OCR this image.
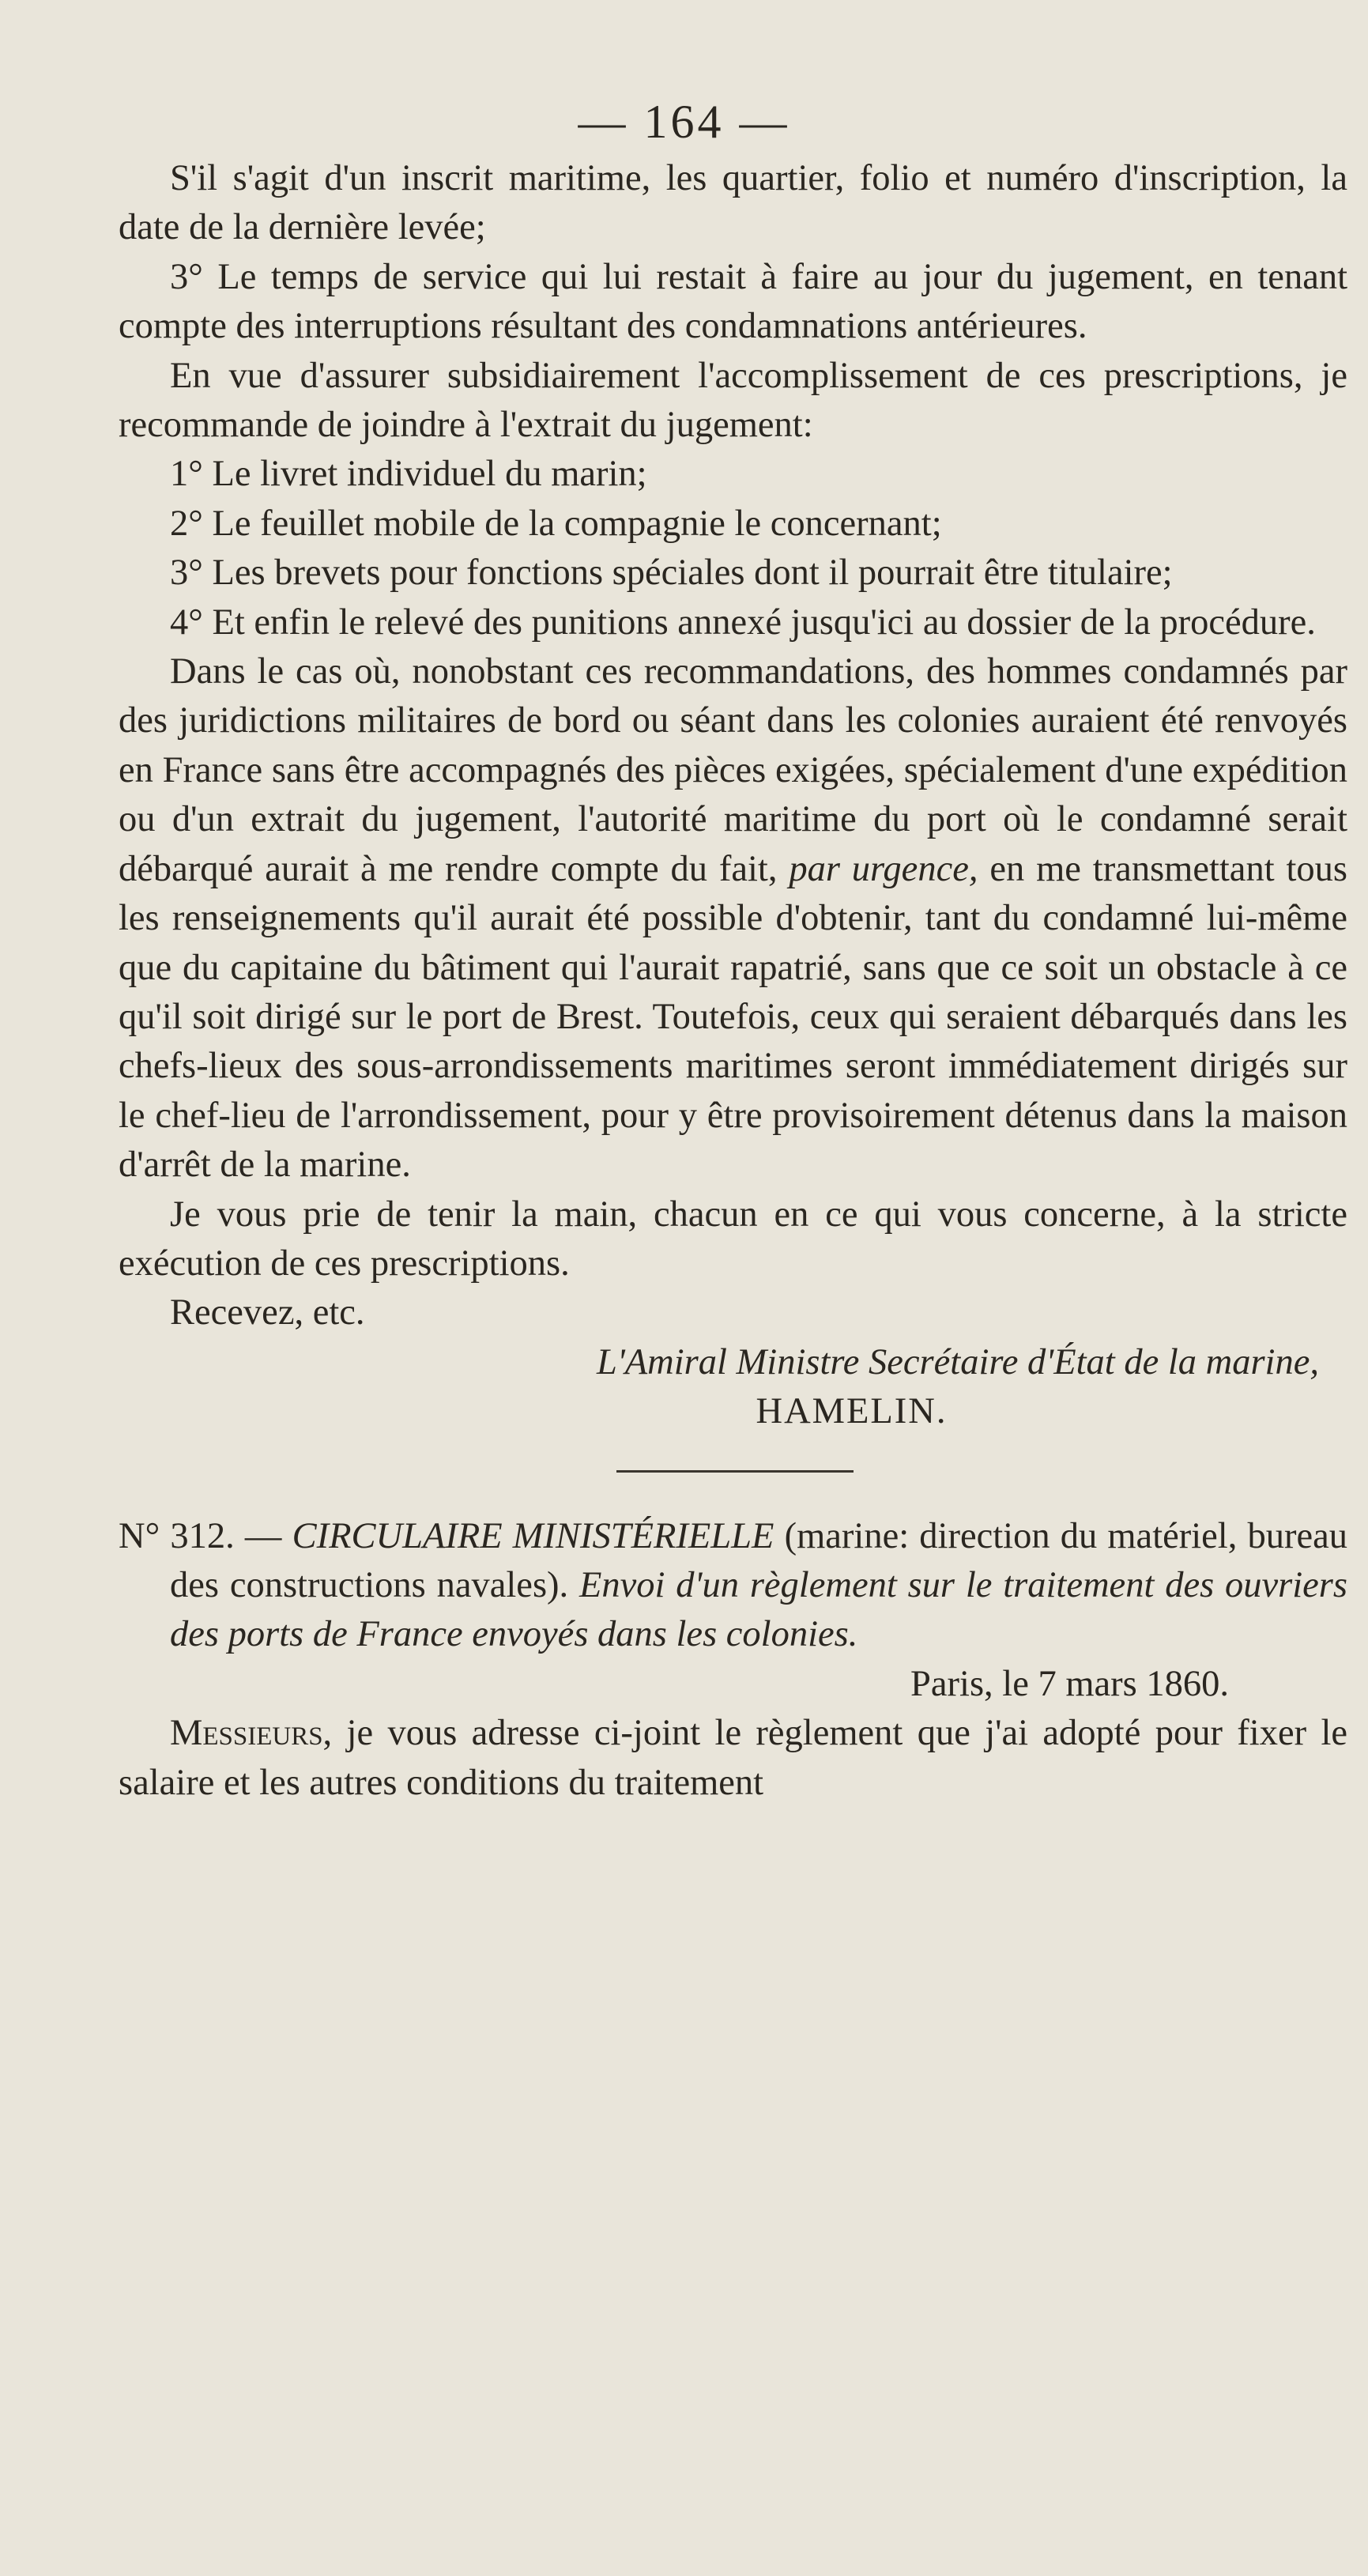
— 164 —

S'il s'agit d'un inscrit maritime, les quartier, folio et numéro d'inscription, la date de la dernière levée;

3° Le temps de service qui lui restait à faire au jour du jugement, en tenant compte des interruptions résultant des condamnations antérieures.

En vue d'assurer subsidiairement l'accomplissement de ces prescriptions, je recommande de joindre à l'extrait du jugement:

1° Le livret individuel du marin;

2° Le feuillet mobile de la compagnie le concernant;

3° Les brevets pour fonctions spéciales dont il pourrait être titulaire;

4° Et enfin le relevé des punitions annexé jusqu'ici au dossier de la procédure.

Dans le cas où, nonobstant ces recommandations, des hommes condamnés par des juridictions militaires de bord ou séant dans les colonies auraient été renvoyés en France sans être accompagnés des pièces exigées, spécialement d'une expédition ou d'un extrait du jugement, l'autorité maritime du port où le condamné serait débarqué aurait à me rendre compte du fait, par urgence, en me transmettant tous les renseignements qu'il aurait été possible d'obtenir, tant du condamné lui-même que du capitaine du bâtiment qui l'aurait rapatrié, sans que ce soit un obstacle à ce qu'il soit dirigé sur le port de Brest. Toutefois, ceux qui seraient débarqués dans les chefs-lieux des sous-arrondissements maritimes seront immédiatement dirigés sur le chef-lieu de l'arrondissement, pour y être provisoirement détenus dans la maison d'arrêt de la marine.

Je vous prie de tenir la main, chacun en ce qui vous concerne, à la stricte exécution de ces prescriptions.

Recevez, etc.

L'Amiral Ministre Secrétaire d'État de la marine,

HAMELIN.

N° 312. — CIRCULAIRE MINISTÉRIELLE (marine: direction du matériel, bureau des constructions navales). Envoi d'un règlement sur le traitement des ouvriers des ports de France envoyés dans les colonies.

Paris, le 7 mars 1860.

Messieurs, je vous adresse ci-joint le règlement que j'ai adopté pour fixer le salaire et les autres conditions du traitement
